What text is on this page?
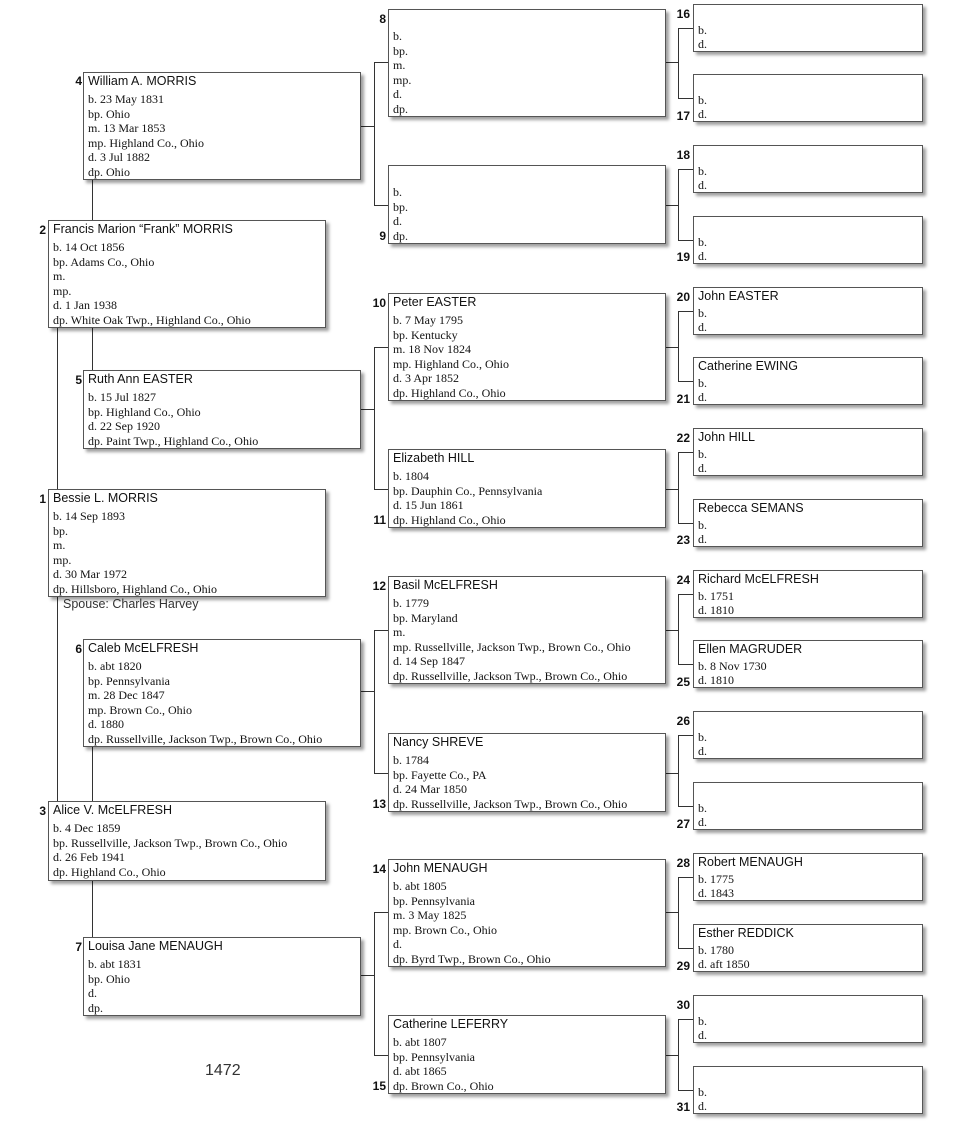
1 Bessie L. MORRIS
b. 14 Sep 1893
bp.
m.
mp.
d. 30 Mar 1972
dp. Hillsboro, Highland Co., Ohio
Spouse: Charles Harvey
2 Francis Marion “Frank” MORRIS
b. 14 Oct 1856
bp. Adams Co., Ohio
m.
mp.
d. 1 Jan 1938
dp. White Oak Twp., Highland Co., Ohio
3 Alice V. McELFRESH
b. 4 Dec 1859
bp. Russellville, Jackson Twp., Brown Co., Ohio
d. 26 Feb 1941
dp. Highland Co., Ohio
4 William A. MORRIS
b. 23 May 1831
bp. Ohio
m. 13 Mar 1853
mp. Highland Co., Ohio
d. 3 Jul 1882
dp. Ohio
5 Ruth Ann EASTER
b. 15 Jul 1827
bp. Highland Co., Ohio
d. 22 Sep 1920
dp. Paint Twp., Highland Co., Ohio
6 Caleb McELFRESH
b. abt 1820
bp. Pennsylvania
m. 28 Dec 1847
mp. Brown Co., Ohio
d. 1880
dp. Russellville, Jackson Twp., Brown Co., Ohio
7 Louisa Jane MENAUGH
b. abt 1831
bp. Ohio
d.
dp.
8
b.
bp.
m.
mp.
d.
dp.
9
b.
bp.
d.
dp.
10 Peter EASTER
b. 7 May 1795
bp. Kentucky
m. 18 Nov 1824
mp. Highland Co., Ohio
d. 3 Apr 1852
dp. Highland Co., Ohio
11
Elizabeth HILL
b. 1804
bp. Dauphin Co., Pennsylvania
d. 15 Jun 1861
dp. Highland Co., Ohio
12 Basil McELFRESH
b. 1779
bp. Maryland
m.
mp. Russellville, Jackson Twp., Brown Co., Ohio
d. 14 Sep 1847
dp. Russellville, Jackson Twp., Brown Co., Ohio
13
Nancy SHREVE
b. 1784
bp. Fayette Co., PA
d. 24 Mar 1850
dp. Russellville, Jackson Twp., Brown Co., Ohio
14 John MENAUGH
b. abt 1805
bp. Pennsylvania
m. 3 May 1825
mp. Brown Co., Ohio
d.
dp. Byrd Twp., Brown Co., Ohio
15
Catherine LEFERRY
b. abt 1807
bp. Pennsylvania
d. abt 1865
dp. Brown Co., Ohio
16
b.
d.
17
b.
d.
18
b.
d.
19
b.
d.
20 John EASTER
b.
d.
21
Catherine EWING
b.
d.
22 John HILL
b.
d.
23
Rebecca SEMANS
b.
d.
24 Richard McELFRESH
b. 1751
d. 1810
25
Ellen MAGRUDER
b. 8 Nov 1730
d. 1810
26
b.
d.
27
b.
d.
28 Robert MENAUGH
b. 1775
d. 1843
29
Esther REDDICK
b. 1780
d. aft 1850
30
b.
d.
31
b.
d.
1472
